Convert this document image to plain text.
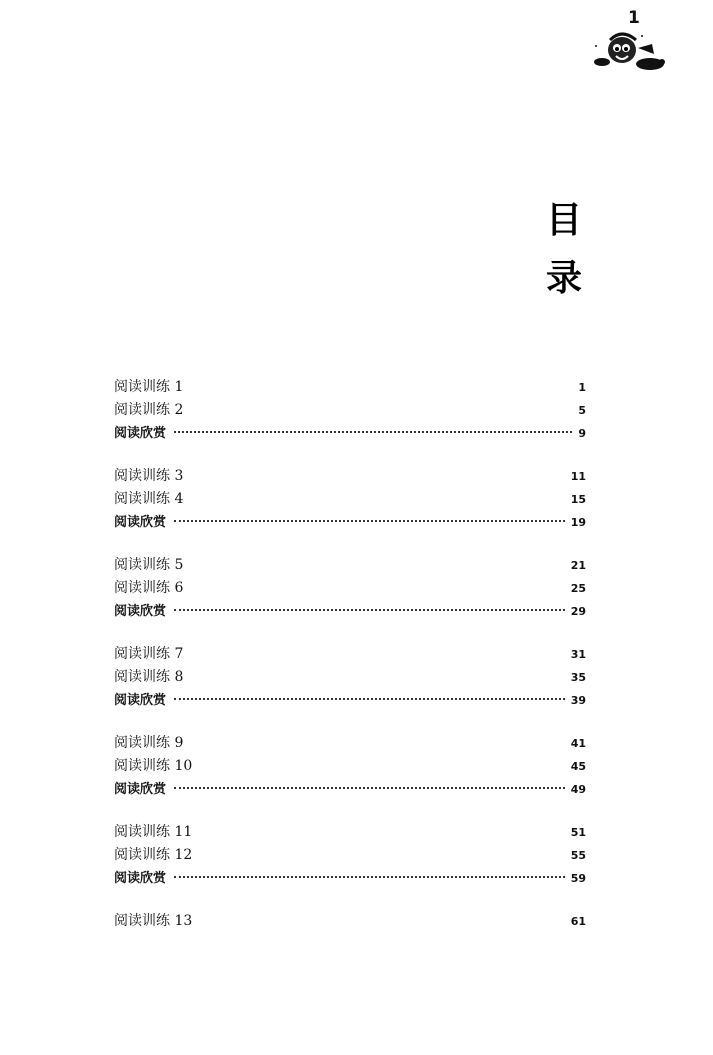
1
目
录
阅读训练 1	1
阅读训练 2	5
阅读欣赏	9
阅读训练 3	11
阅读训练 4	15
阅读欣赏	19
阅读训练 5	21
阅读训练 6	25
阅读欣赏	29
阅读训练 7	31
阅读训练 8	35
阅读欣赏	39
阅读训练 9	41
阅读训练 10	45
阅读欣赏	49
阅读训练 11	51
阅读训练 12	55
阅读欣赏	59
阅读训练 13	61
